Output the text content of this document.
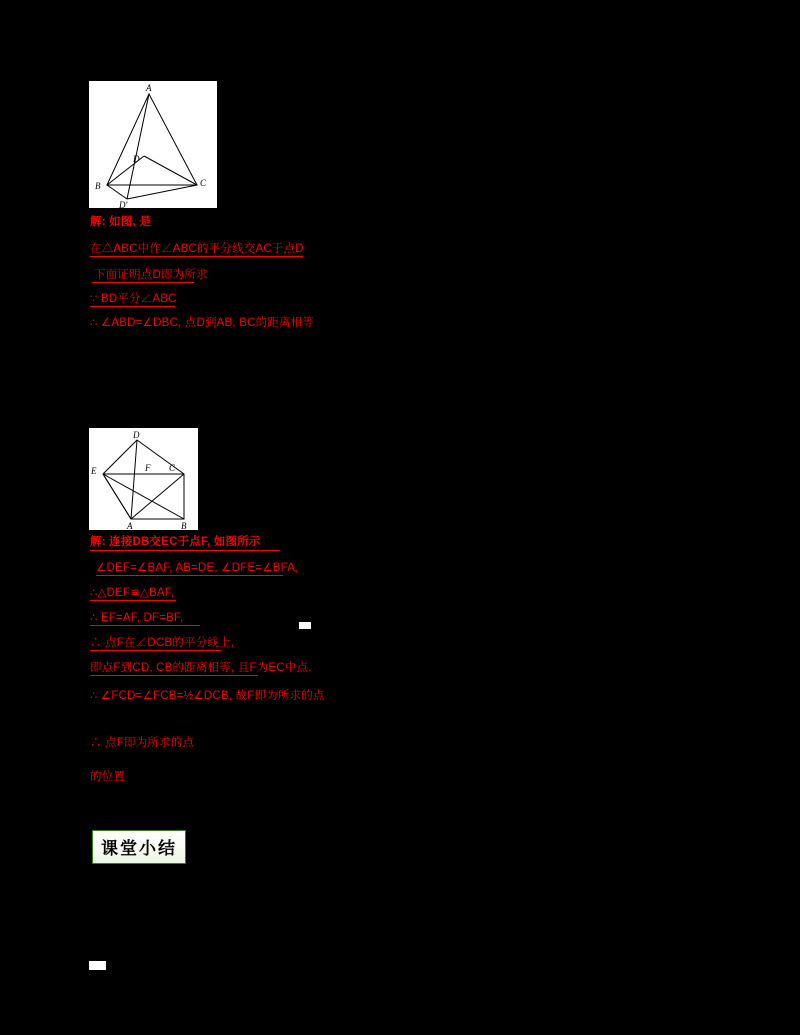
A
D
B	C
D′
解: 如图, 是
在△ABC中作∠ABC的平分线交AC于点D
下面证明点D即为所求
∵ BD平分∠ABC
∴ ∠ABD=∠DBC, 点D到AB, BC的距离相等
D
E	F C
A	B
解: 连接DB交EC于点F, 如图所示
∠DEF=∠BAF, AB=DE, ∠DFE=∠BFA,
∴△DEF≌△BAF,
∴ EF=AF, DF=BF,
∴ 点F在∠DCB的平分线上,
即点F到CD, CB的距离相等, 且F为EC中点,
∴ ∠FCD=∠FCB=½∠DCB, 故F即为所求的点
∴ 点F即为所求的点
的位置
课堂小结
